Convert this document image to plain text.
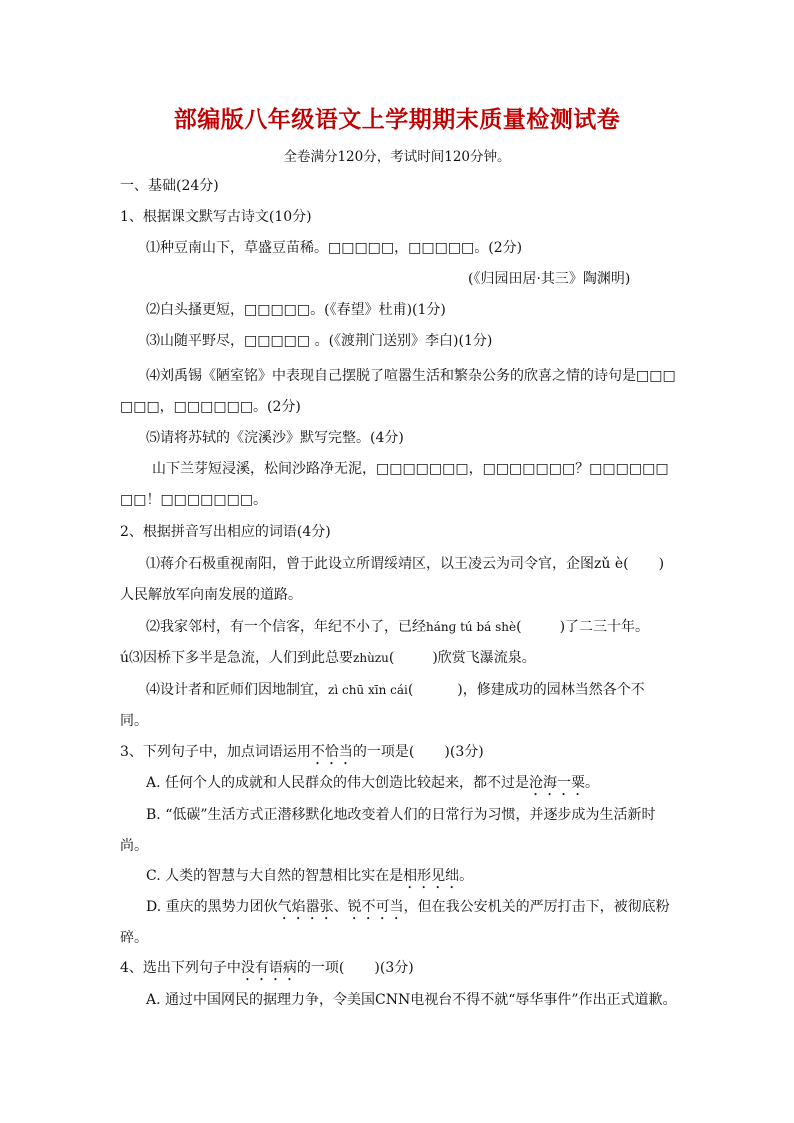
部编版八年级语文上学期期末质量检测试卷
全卷满分120分，考试时间120分钟。
一、基础(24分)
1、根据课文默写古诗文(10分)
⑴种豆南山下，草盛豆苗稀。□□□□□，□□□□□。(2分)
(《归园田居·其三》陶渊明)
⑵白头搔更短，□□□□□。(《春望》杜甫)(1分)
⑶山随平野尽，□□□□□ 。(《渡荆门送别》李白)(1分)
⑷刘禹锡《陋室铭》中表现自己摆脱了喧嚣生活和繁杂公务的欣喜之情的诗句是□□□
□□□，□□□□□□。(2分)
⑸请将苏轼的《浣溪沙》默写完整。(4分)
山下兰芽短浸溪，松间沙路净无泥，□□□□□□□，□□□□□□□？□□□□□□
□□！□□□□□□□。
2、根据拼音写出相应的词语(4分)
⑴蒋介石极重视南阳，曾于此设立所谓绥靖区，以王凌云为司令官，企图zǔ è( )
人民解放军向南发展的道路。
⑵我家邻村，有一个信客，年纪不小了，已经hánɡ tú bá shè(	)了二三十年。
ú⑶因桥下多半是急流，人们到此总要zhùzu(	)欣赏飞瀑流泉。
⑷设计者和匠师们因地制宜，zì chū xīn cái(	)，修建成功的园林当然各个不
同。
3、下列句子中，加点词语运用不恰当的一项是( )(3分)
A. 任何个人的成就和人民群众的伟大创造比较起来，都不过是沧海一粟。
B. “低碳”生活方式正潜移默化地改变着人们的日常行为习惯，并逐步成为生活新时
尚。
C. 人类的智慧与大自然的智慧相比实在是相形见绌。
D. 重庆的黑势力团伙气焰嚣张、锐不可当，但在我公安机关的严厉打击下，被彻底粉
碎。
4、选出下列句子中没有语病的一项( )(3分)
A. 通过中国网民的据理力争，令美国CNN电视台不得不就“辱华事件”作出正式道歉。
